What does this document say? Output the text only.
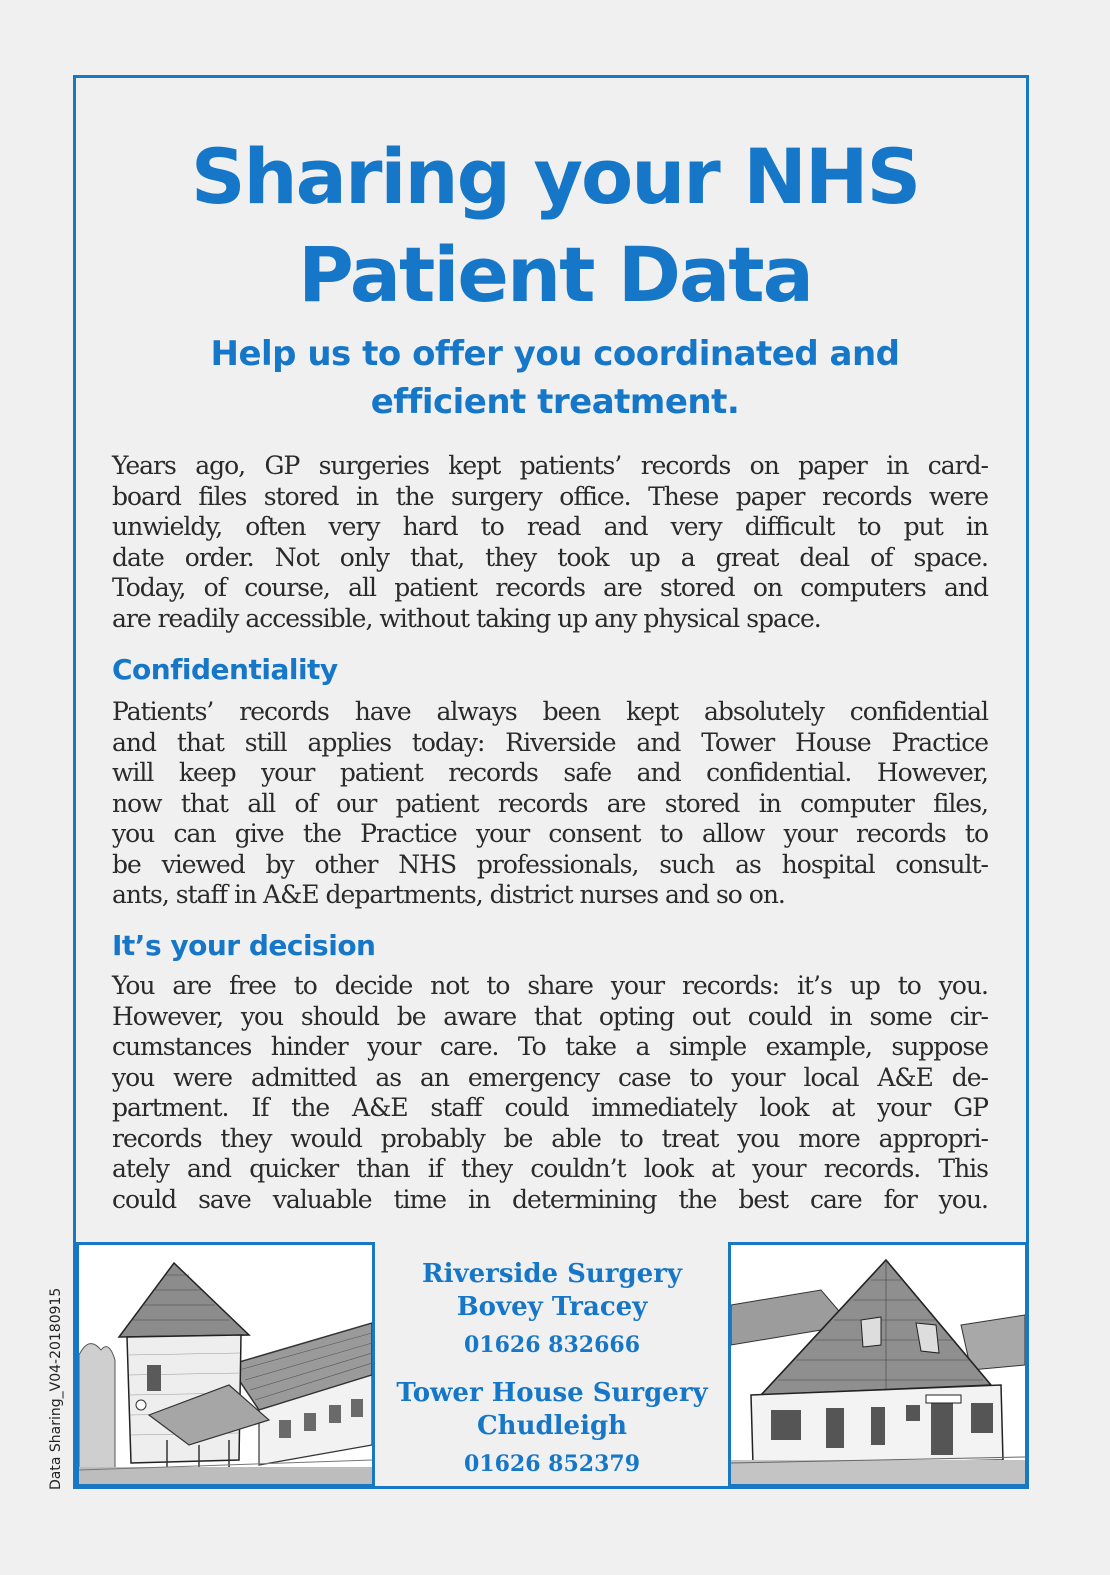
Sharing your NHS
Patient Data
Help us to offer you coordinated and
efficient treatment.

Years ago, GP surgeries kept patients’ records on paper in card-
board files stored in the surgery office. These paper records were
unwieldy, often very hard to read and very difficult to put in
date order. Not only that, they took up a great deal of space.
Today, of course, all patient records are stored on computers and
are readily accessible, without taking up any physical space.

Confidentiality

Patients’ records have always been kept absolutely confidential
and that still applies today: Riverside and Tower House Practice
will keep your patient records safe and confidential. However,
now that all of our patient records are stored in computer files,
you can give the Practice your consent to allow your records to
be viewed by other NHS professionals, such as hospital consult-
ants, staff in A&E departments, district nurses and so on.

It’s your decision

You are free to decide not to share your records: it’s up to you.
However, you should be aware that opting out could in some cir-
cumstances hinder your care. To take a simple example, suppose
you were admitted as an emergency case to your local A&E de-
partment. If the A&E staff could immediately look at your GP
records they would probably be able to treat you more appropri-
ately and quicker than if they couldn’t look at your records. This
could save valuable time in determining the best care for you.

Riverside Surgery
Bovey Tracey
01626 832666
Tower House Surgery
Chudleigh
01626 852379
Data Sharing_V04-20180915
